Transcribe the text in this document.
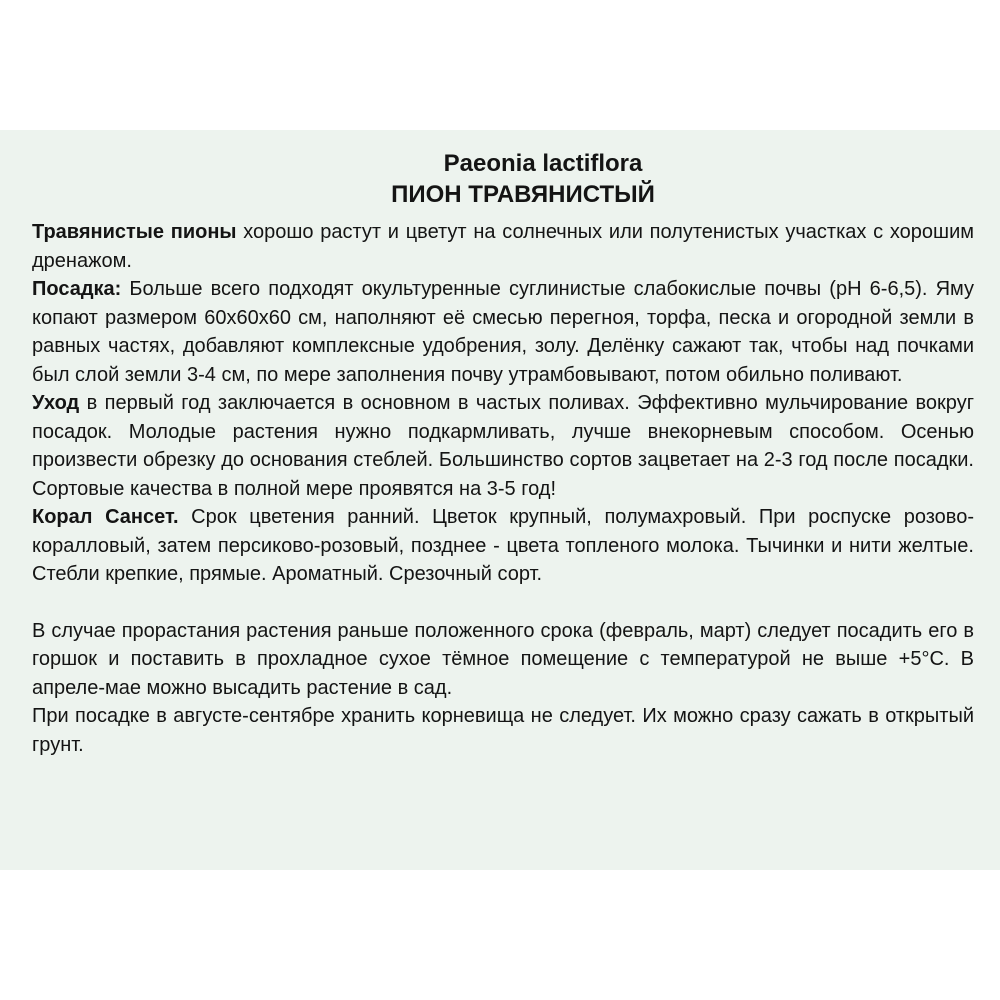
Paeonia lactiflora
ПИОН ТРАВЯНИСТЫЙ

Травянистые пионы хорошо растут и цветут на солнечных или полутенистых участках с хорошим дренажом.

Посадка: Больше всего подходят окультуренные суглинистые слабокислые почвы (pH 6-6,5). Яму копают размером 60х60х60 см, наполняют её смесью перегноя, торфа, песка и огородной земли в равных частях, добавляют комплексные удобрения, золу. Делёнку сажают так, чтобы над почками был слой земли 3-4 см, по мере заполнения почву утрамбовывают, потом обильно поливают.

Уход в первый год заключается в основном в частых поливах. Эффективно мульчирование вокруг посадок. Молодые растения нужно подкармливать, лучше внекорневым способом. Осенью произвести обрезку до основания стеблей. Большинство сортов зацветает на 2-3 год после посадки. Сортовые качества в полной мере проявятся на 3-5 год!

Корал Сансет. Срок цветения ранний. Цветок крупный, полумахровый. При роспуске розово-коралловый, затем персиково-розовый, позднее - цвета топленого молока. Тычинки и нити желтые. Стебли крепкие, прямые. Ароматный. Срезочный сорт.

В случае прорастания растения раньше положенного срока (февраль, март) следует посадить его в горшок и поставить в прохладное сухое тёмное помещение с температурой не выше +5°С. В апреле-мае можно высадить растение в сад.

При посадке в августе-сентябре хранить корневища не следует. Их можно сразу сажать в открытый грунт.
